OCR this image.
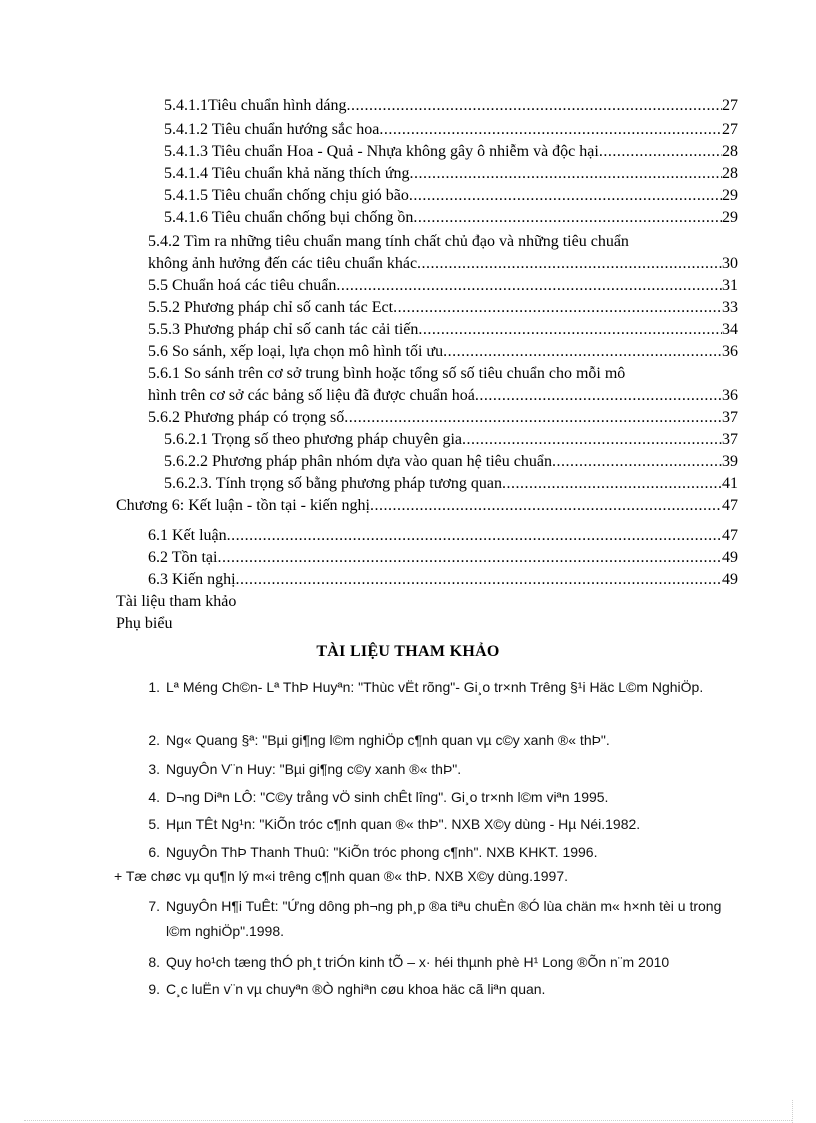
5.4.1.1Tiêu chuẩn hình dáng .....	27
5.4.1.2 Tiêu chuẩn hướng sắc hoa .....	27
5.4.1.3 Tiêu chuẩn Hoa - Quả - Nhựa không gây ô nhiễm và độc hại .....	28
5.4.1.4 Tiêu chuẩn khả năng thích ứng .....	28
5.4.1.5 Tiêu chuẩn chống chịu gió bão .....	29
5.4.1.6 Tiêu chuẩn chống bụi chống ồn .....	29
5.4.2 Tìm ra những tiêu chuẩn mang tính chất chủ đạo và những tiêu chuẩn
không ảnh hưởng đến các tiêu chuẩn khác .....	30
5.5 Chuẩn hoá các tiêu chuẩn .....	31
5.5.2 Phương pháp chỉ số canh tác Ect .....	33
5.5.3 Phương pháp chỉ số canh tác cải tiến .....	34
5.6 So sánh, xếp loại, lựa chọn mô hình tối ưu .....	36
5.6.1 So sánh trên cơ sở trung bình hoặc tổng số số tiêu chuẩn cho mỗi mô
hình trên cơ sở các bảng số liệu đã được chuẩn hoá .....	36
5.6.2 Phương pháp có trọng số .....	37
5.6.2.1 Trọng số theo phương pháp chuyên gia .....	37
5.6.2.2 Phương pháp phân nhóm dựa vào quan hệ tiêu chuẩn .....	39
5.6.2.3. Tính trọng số bằng phương pháp tương quan .....	41
Chương 6: Kết luận - tồn tại - kiến nghị .....	47
6.1 Kết luận .....	47
6.2 Tồn tại .....	49
6.3 Kiến nghị .....	49
Tài liệu tham khảo
Phụ biểu
TÀI LIỆU THAM KHẢO
1. Lª Méng Ch©n- Lª ThÞ Huyªn: "Thùc vËt rõng"- Gi¸o tr×nh Trêng §¹i Häc L©m NghiÖp.
2. Ng« Quang §ª: "Bµi gi¶ng l©m nghiÖp c¶nh quan vµ c©y xanh ®« thÞ".
3. NguyÔn V¨n Huy: "Bµi gi¶ng c©y xanh ®« thÞ".
4. D¬ng Diªn LÔ: "C©y trång vÖ sinh chÊt lîng". Gi¸o tr×nh l©m viªn 1995.
5. Hµn TÊt Ng¹n: "KiÕn tróc c¶nh quan ®« thÞ". NXB X©y dùng - Hµ Néi.1982.
6. NguyÔn ThÞ Thanh Thuû: "KiÕn tróc phong c¶nh". NXB KHKT. 1996.
+ Tæ chøc vµ qu¶n lý m«i trêng c¶nh quan ®« thÞ. NXB X©y dùng.1997.
7. NguyÔn H¶i TuÊt: "Ứng dông ph¬ng ph¸p ®a tiªu chuÈn ®Ó lùa chän m« h×nh tèi u trong l©m nghiÖp".1998.
8. Quy ho¹ch tæng thÓ ph¸t triÓn kinh tÕ – x· héi thµnh phè H¹ Long ®Õn n¨m 2010
9. C¸c luËn v¨n vµ chuyªn ®Ò nghiªn cøu khoa häc cã liªn quan.
